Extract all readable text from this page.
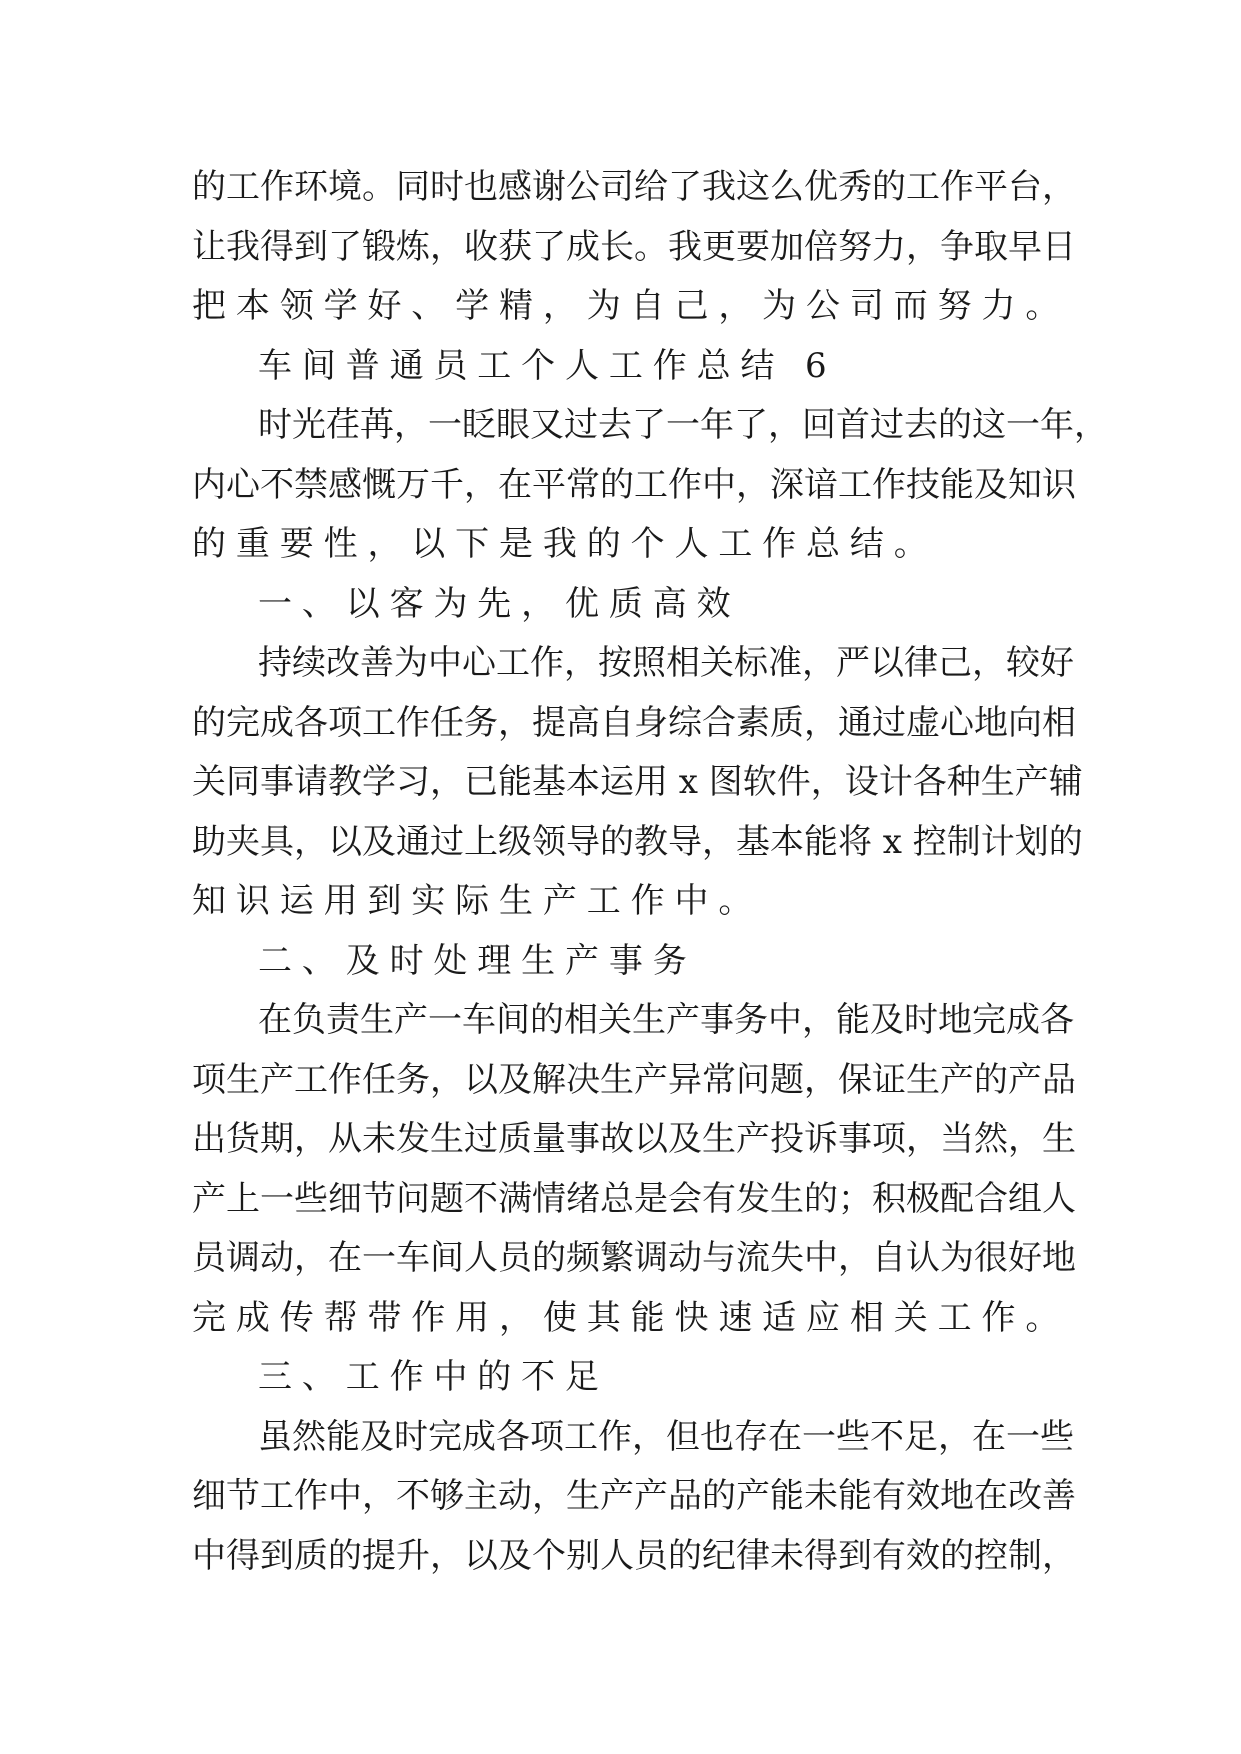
的工作环境。同时也感谢公司给了我这么优秀的工作平台，
让我得到了锻炼，收获了成长。我更要加倍努力，争取早日
把本领学好、学精，为自己，为公司而努力。
车间普通员工个人工作总结 6
时光荏苒，一眨眼又过去了一年了，回首过去的这一年，
内心不禁感慨万千，在平常的工作中，深谙工作技能及知识
的重要性，以下是我的个人工作总结。
一、以客为先，优质高效
持续改善为中心工作，按照相关标准，严以律己，较好
的完成各项工作任务，提高自身综合素质，通过虚心地向相
关同事请教学习，已能基本运用 x 图软件，设计各种生产辅
助夹具，以及通过上级领导的教导，基本能将 x 控制计划的
知识运用到实际生产工作中。
二、及时处理生产事务
在负责生产一车间的相关生产事务中，能及时地完成各
项生产工作任务，以及解决生产异常问题，保证生产的产品
出货期，从未发生过质量事故以及生产投诉事项，当然，生
产上一些细节问题不满情绪总是会有发生的；积极配合组人
员调动，在一车间人员的频繁调动与流失中，自认为很好地
完成传帮带作用，使其能快速适应相关工作。
三、工作中的不足
虽然能及时完成各项工作，但也存在一些不足，在一些
细节工作中，不够主动，生产产品的产能未能有效地在改善
中得到质的提升，以及个别人员的纪律未得到有效的控制，
